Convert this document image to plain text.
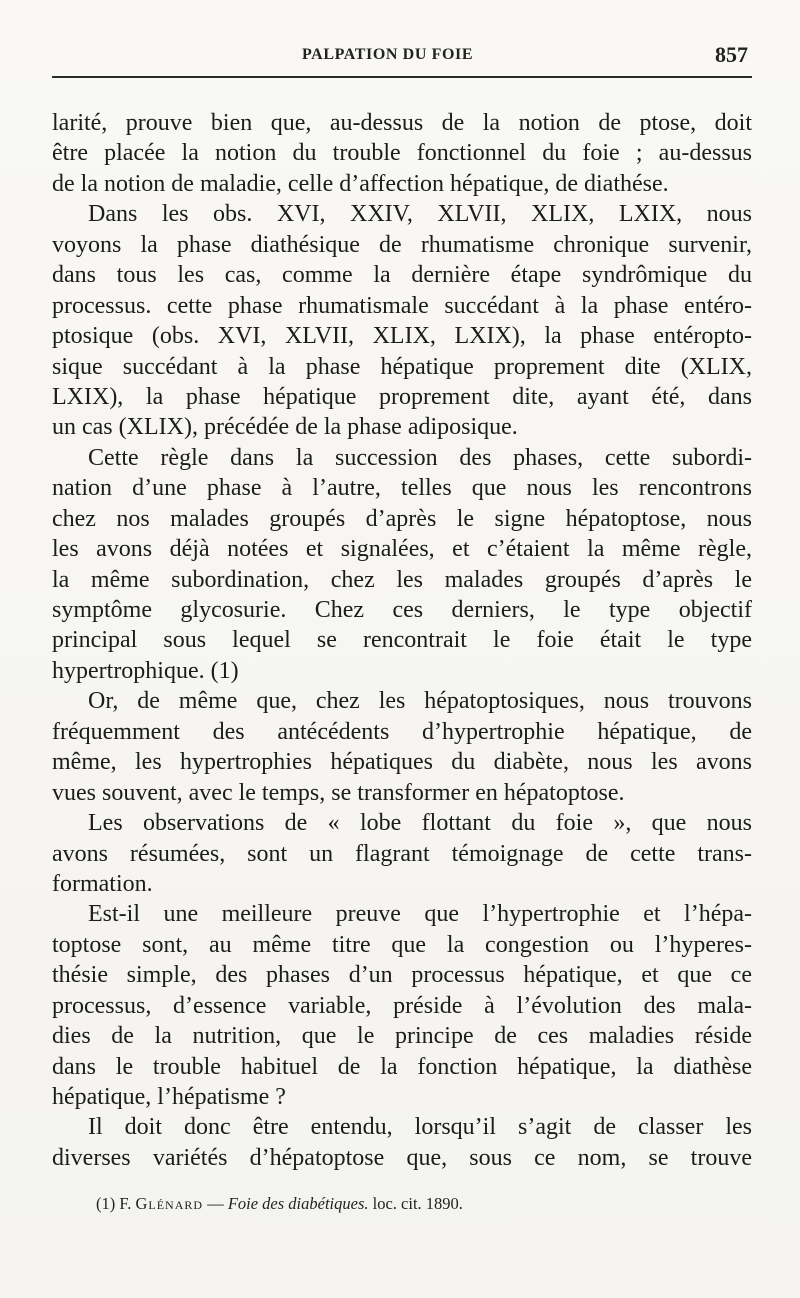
PALPATION DU FOIE	857
larité, prouve bien que, au-dessus de la notion de ptose, doit
être placée la notion du trouble fonctionnel du foie ; au-dessus
de la notion de maladie, celle d’affection hépatique, de diathése.
Dans les obs. XVI, XXIV, XLVII, XLIX, LXIX, nous
voyons la phase diathésique de rhumatisme chronique survenir,
dans tous les cas, comme la dernière étape syndrômique du
processus. cette phase rhumatismale succédant à la phase entéro-
ptosique (obs. XVI, XLVII, XLIX, LXIX), la phase entéropto-
sique succédant à la phase hépatique proprement dite (XLIX,
LXIX), la phase hépatique proprement dite, ayant été, dans
un cas (XLIX), précédée de la phase adiposique.
Cette règle dans la succession des phases, cette subordi-
nation d’une phase à l’autre, telles que nous les rencontrons
chez nos malades groupés d’après le signe hépatoptose, nous
les avons déjà notées et signalées, et c’étaient la même règle,
la même subordination, chez les malades groupés d’après le
symptôme glycosurie. Chez ces derniers, le type objectif
principal sous lequel se rencontrait le foie était le type
hypertrophique. (1)
Or, de même que, chez les hépatoptosiques, nous trouvons
fréquemment des antécédents d’hypertrophie hépatique, de
même, les hypertrophies hépatiques du diabète, nous les avons
vues souvent, avec le temps, se transformer en hépatoptose.
Les observations de « lobe flottant du foie », que nous
avons résumées, sont un flagrant témoignage de cette trans-
formation.
Est-il une meilleure preuve que l’hypertrophie et l’hépa-
toptose sont, au même titre que la congestion ou l’hyperes-
thésie simple, des phases d’un processus hépatique, et que ce
processus, d’essence variable, préside à l’évolution des mala-
dies de la nutrition, que le principe de ces maladies réside
dans le trouble habituel de la fonction hépatique, la diathèse
hépatique, l’hépatisme ?
Il doit donc être entendu, lorsqu’il s’agit de classer les
diverses variétés d’hépatoptose que, sous ce nom, se trouve
(1) F. Glénard — Foie des diabétiques. loc. cit. 1890.
